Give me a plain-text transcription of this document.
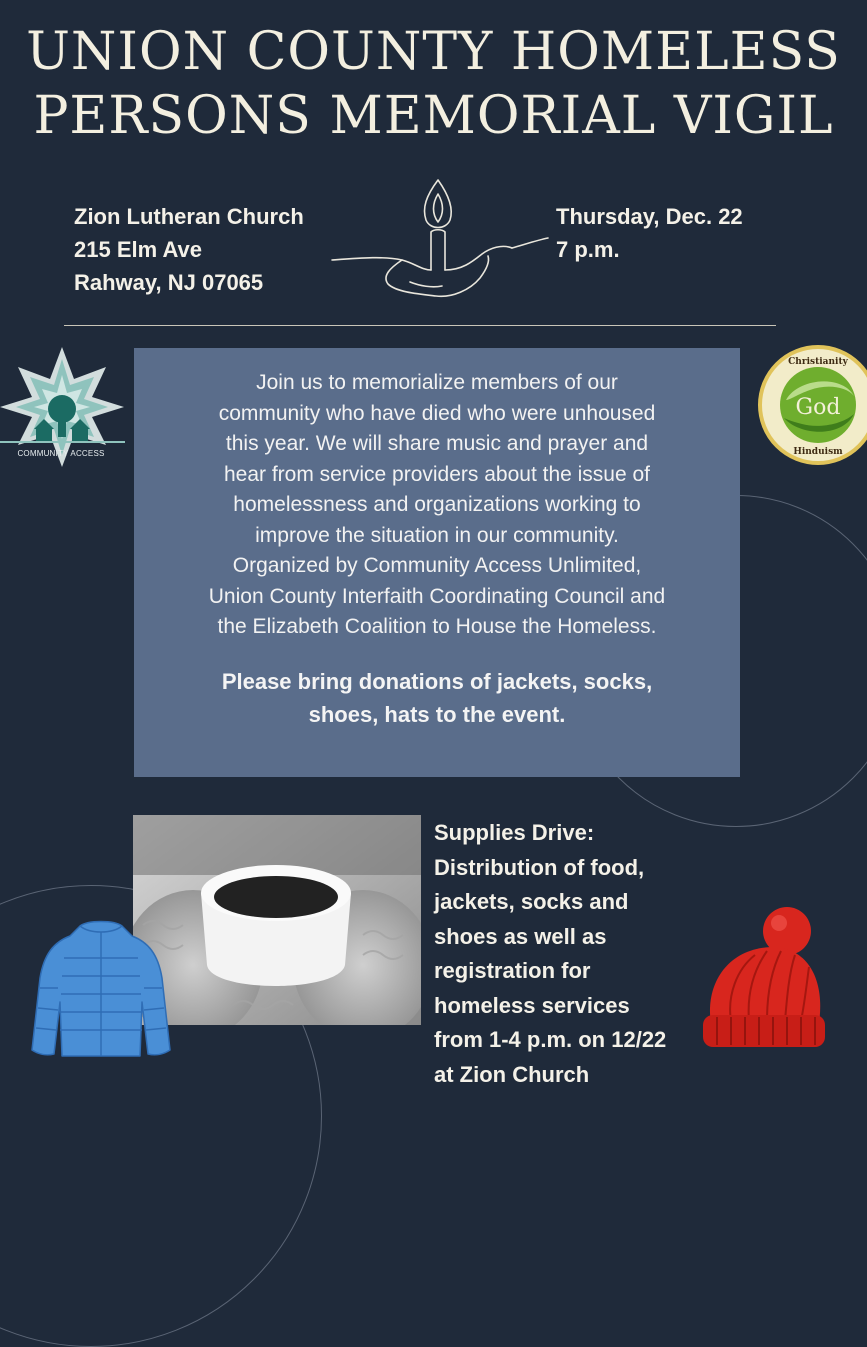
UNION COUNTY HOMELESS
PERSONS MEMORIAL VIGIL
Zion Lutheran Church
215 Elm Ave
Rahway, NJ 07065
Thursday, Dec. 22
7 p.m.
COMMUNITY ACCESS
God
Christianity
Hinduism
Join us to memorialize members of our
community who have died who were unhoused
this year. We will share music and prayer and
hear from service providers about the issue of
homelessness and organizations working to
improve the situation in our community.
Organized by Community Access Unlimited,
Union County Interfaith Coordinating Council and
the Elizabeth Coalition to House the Homeless.
Please bring donations of jackets, socks,
shoes, hats to the event.
Supplies Drive:
Distribution of food,
jackets, socks and
shoes as well as
registration for
homeless services
from 1-4 p.m. on 12/22
at Zion Church
